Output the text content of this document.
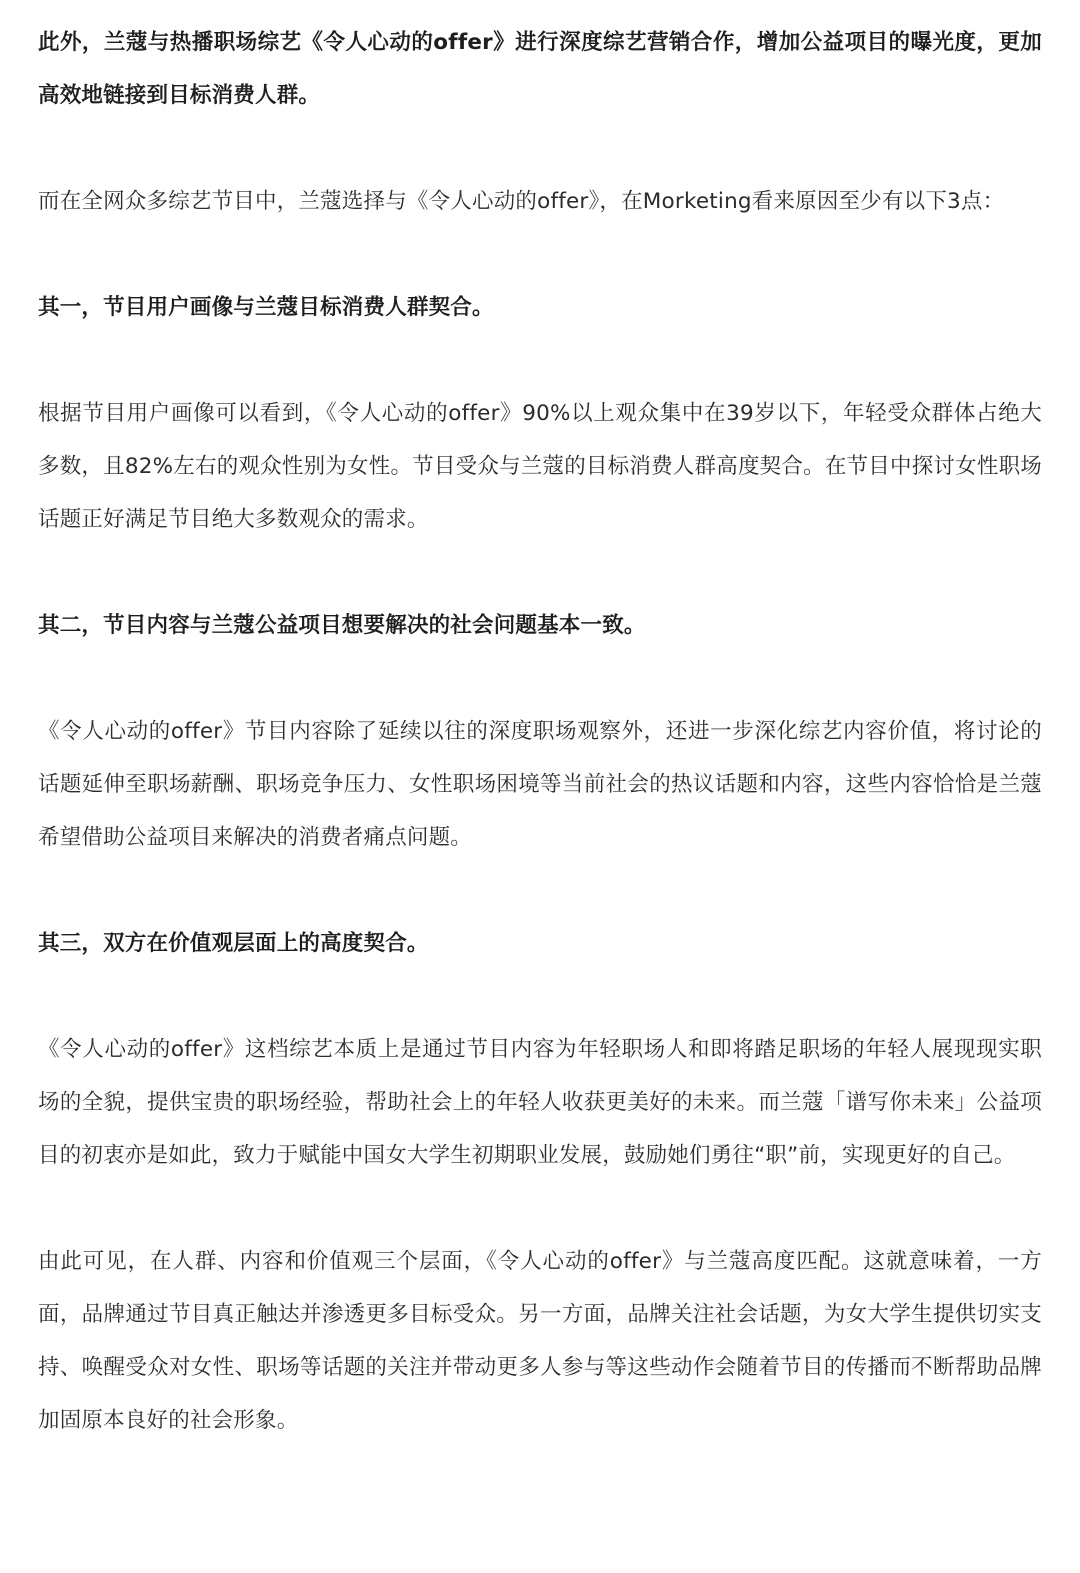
此外，兰蔻与热播职场综艺《令人心动的offer》进行深度综艺营销合作，增加公益项目的曝光度，更加高效地链接到目标消费人群。

而在全网众多综艺节目中，兰蔻选择与《令人心动的offer》，在Morketing看来原因至少有以下3点：

其一，节目用户画像与兰蔻目标消费人群契合。

根据节目用户画像可以看到，《令人心动的offer》90%以上观众集中在39岁以下，年轻受众群体占绝大多数，且82%左右的观众性别为女性。节目受众与兰蔻的目标消费人群高度契合。在节目中探讨女性职场话题正好满足节目绝大多数观众的需求。

其二，节目内容与兰蔻公益项目想要解决的社会问题基本一致。

《令人心动的offer》节目内容除了延续以往的深度职场观察外，还进一步深化综艺内容价值，将讨论的话题延伸至职场薪酬、职场竞争压力、女性职场困境等当前社会的热议话题和内容，这些内容恰恰是兰蔻希望借助公益项目来解决的消费者痛点问题。

其三，双方在价值观层面上的高度契合。

《令人心动的offer》这档综艺本质上是通过节目内容为年轻职场人和即将踏足职场的年轻人展现现实职场的全貌，提供宝贵的职场经验，帮助社会上的年轻人收获更美好的未来。而兰蔻「谱写你未来」公益项目的初衷亦是如此，致力于赋能中国女大学生初期职业发展，鼓励她们勇往“职”前，实现更好的自己。

由此可见，在人群、内容和价值观三个层面，《令人心动的offer》与兰蔻高度匹配。这就意味着，一方面，品牌通过节目真正触达并渗透更多目标受众。另一方面，品牌关注社会话题，为女大学生提供切实支持、唤醒受众对女性、职场等话题的关注并带动更多人参与等这些动作会随着节目的传播而不断帮助品牌加固原本良好的社会形象。
